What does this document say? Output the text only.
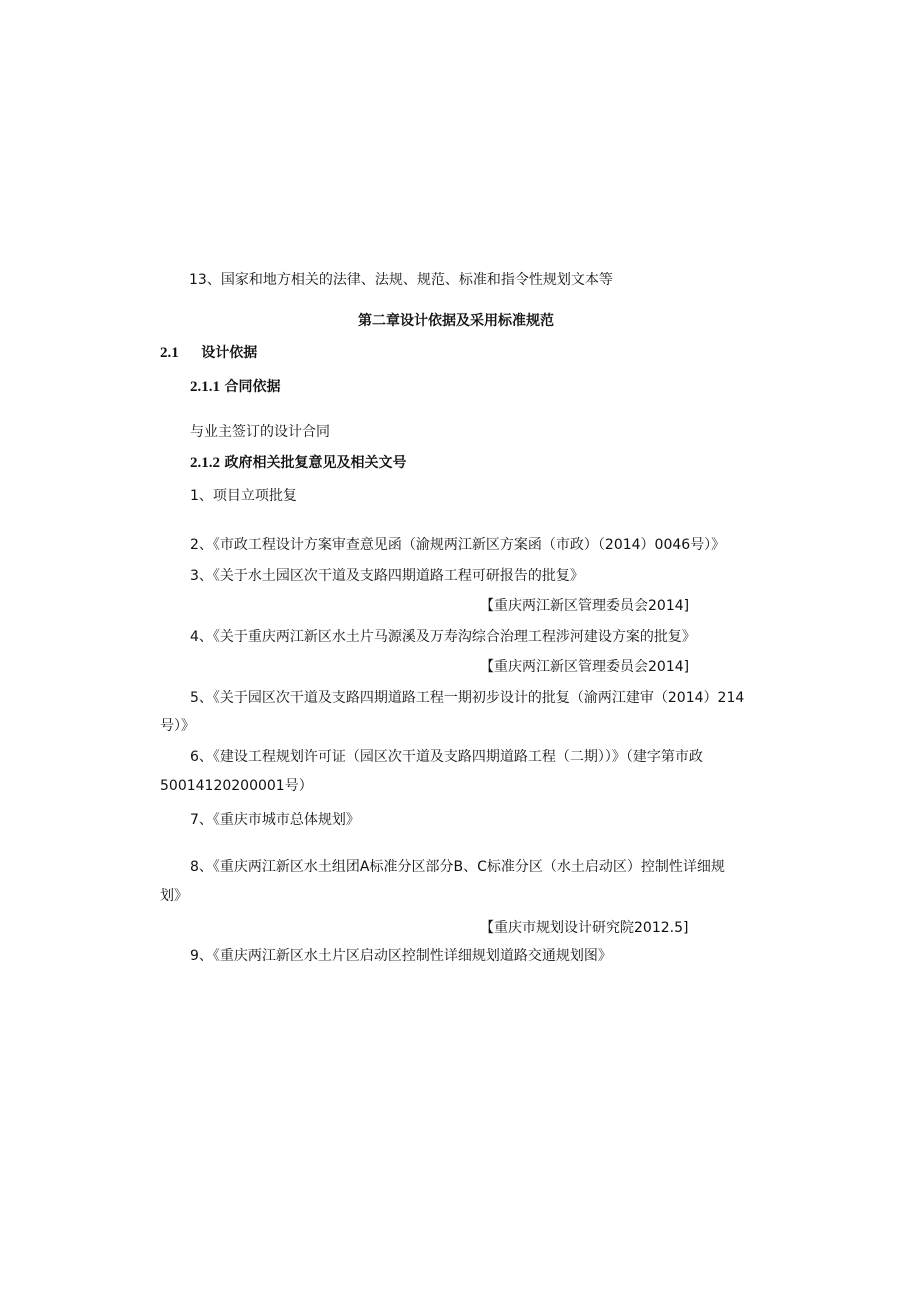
13、国家和地方相关的法律、法规、规范、标准和指令性规划文本等
第二章设计依据及采用标准规范
2.1 设计依据
2.1.1 合同依据
与业主签订的设计合同
2.1.2 政府相关批复意见及相关文号
1、项目立项批复
2、《市政工程设计方案审查意见函（渝规两江新区方案函（市政）（2014）0046号）》
3、《关于水土园区次干道及支路四期道路工程可研报告的批复》
【重庆两江新区管理委员会2014]
4、《关于重庆两江新区水土片马源溪及万寿沟综合治理工程涉河建设方案的批复》
【重庆两江新区管理委员会2014]
5、《关于园区次干道及支路四期道路工程一期初步设计的批复（渝两江建审（2014）214
号）》
6、《建设工程规划许可证（园区次干道及支路四期道路工程（二期））》（建字第市政
50014120200001号）
7、《重庆市城市总体规划》
8、《重庆两江新区水土组团A标准分区部分B、C标准分区（水土启动区）控制性详细规
划》
【重庆市规划设计研究院2012.5]
9、《重庆两江新区水土片区启动区控制性详细规划道路交通规划图》
